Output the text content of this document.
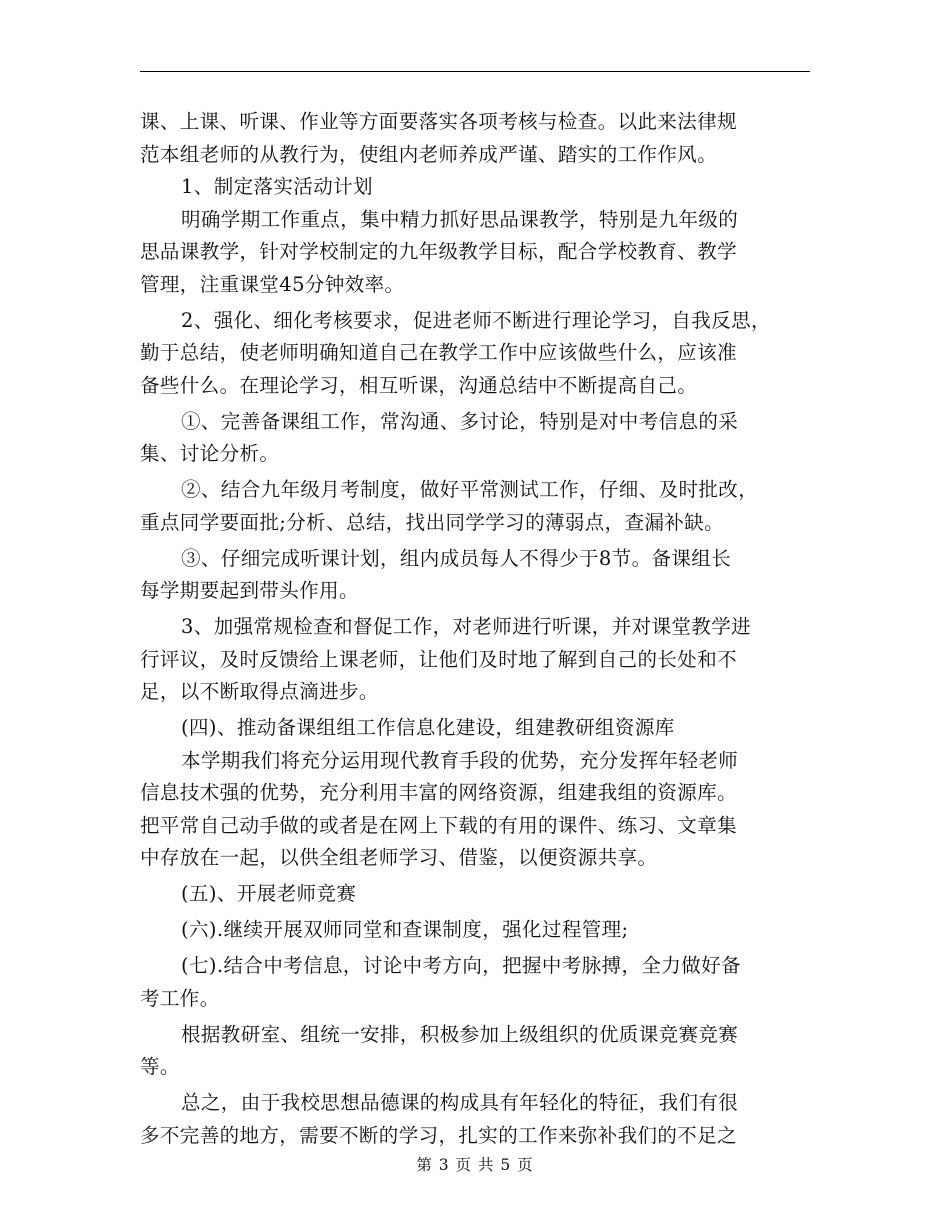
课、上课、听课、作业等方面要落实各项考核与检查。以此来法律规
范本组老师的从教行为，使组内老师养成严谨、踏实的工作作风。
1、制定落实活动计划
明确学期工作重点，集中精力抓好思品课教学，特别是九年级的
思品课教学，针对学校制定的九年级教学目标，配合学校教育、教学
管理，注重课堂45分钟效率。
2、强化、细化考核要求，促进老师不断进行理论学习，自我反思，
勤于总结，使老师明确知道自己在教学工作中应该做些什么，应该准
备些什么。在理论学习，相互听课，沟通总结中不断提高自己。
①、完善备课组工作，常沟通、多讨论，特别是对中考信息的采
集、讨论分析。
②、结合九年级月考制度，做好平常测试工作，仔细、及时批改，
重点同学要面批;分析、总结，找出同学学习的薄弱点，查漏补缺。
③、仔细完成听课计划，组内成员每人不得少于8节。备课组长
每学期要起到带头作用。
3、加强常规检查和督促工作，对老师进行听课，并对课堂教学进
行评议，及时反馈给上课老师，让他们及时地了解到自己的长处和不
足，以不断取得点滴进步。
(四)、推动备课组组工作信息化建设，组建教研组资源库
本学期我们将充分运用现代教育手段的优势，充分发挥年轻老师
信息技术强的优势，充分利用丰富的网络资源，组建我组的资源库。
把平常自己动手做的或者是在网上下载的有用的课件、练习、文章集
中存放在一起，以供全组老师学习、借鉴，以便资源共享。
(五)、开展老师竞赛
(六).继续开展双师同堂和查课制度，强化过程管理;
(七).结合中考信息，讨论中考方向，把握中考脉搏，全力做好备
考工作。
根据教研室、组统一安排，积极参加上级组织的优质课竞赛竞赛
等。
总之，由于我校思想品德课的构成具有年轻化的特征，我们有很
多不完善的地方，需要不断的学习，扎实的工作来弥补我们的不足之
第 3 页 共 5 页
